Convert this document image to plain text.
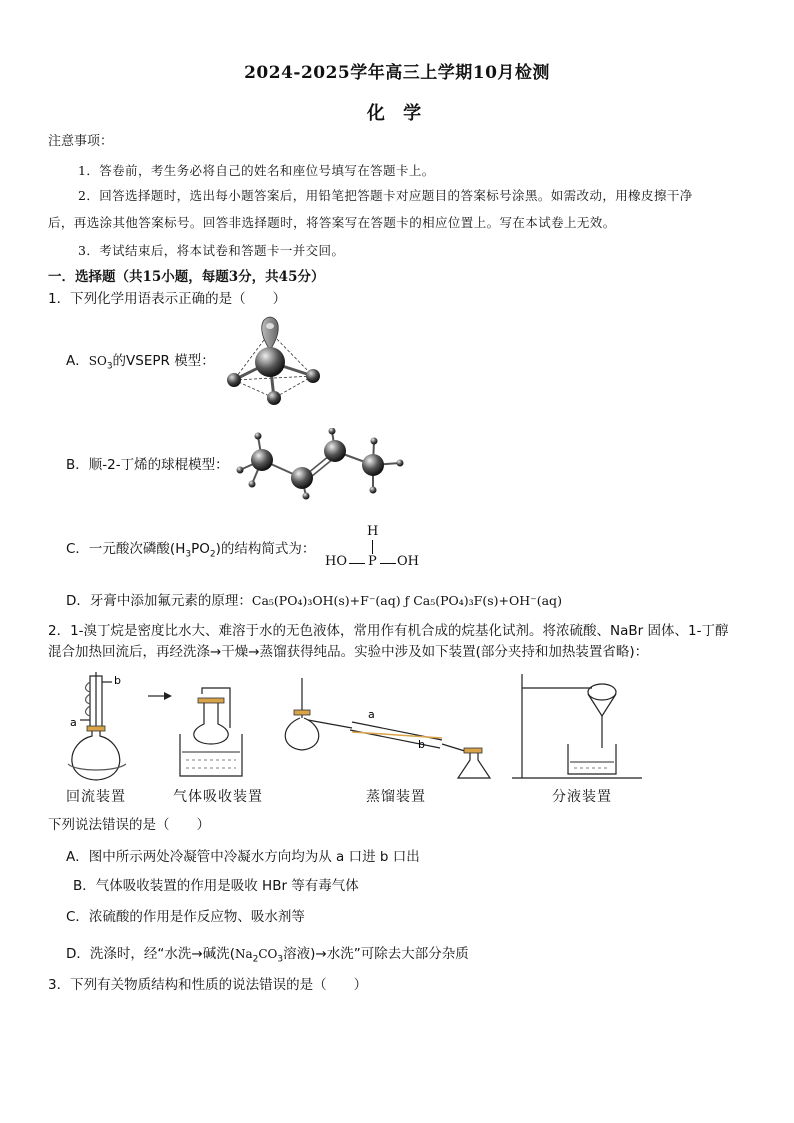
2024-2025学年高三上学期10月检测
化 学
注意事项：
1．答卷前，考生务必将自己的姓名和座位号填写在答题卡上。
2．回答选择题时，选出每小题答案后，用铅笔把答题卡对应题目的答案标号涂黑。如需改动，用橡皮擦干净
后，再选涂其他答案标号。回答非选择题时，将答案写在答题卡的相应位置上。写在本试卷上无效。
3．考试结束后，将本试卷和答题卡一并交回。
一．选择题（共15小题，每题3分，共45分）
1．下列化学用语表示正确的是（　　）
A．$SO_3$的VSEPR 模型：
B．顺-2-丁烯的球棍模型：
C．一元酸次磷酸$(H_3PO_2)$的结构简式为：
H
HO P OH
D．牙膏中添加氟元素的原理：Ca₅(PO₄)₃OH(s)+F⁻(aq) ƒ Ca₅(PO₄)₃F(s)+OH⁻(aq)
2．1-溴丁烷是密度比水大、难溶于水的无色液体，常用作有机合成的烷基化试剂。将浓硫酸、NaBr 固体、1-丁醇
混合加热回流后，再经洗涤→干燥→蒸馏获得纯品。实验中涉及如下装置(部分夹持和加热装置省略)：
b
a
a
b
回流装置	气体吸收装置	蒸馏装置	分液装置
下列说法错误的是（　　）
A．图中所示两处冷凝管中冷凝水方向均为从 a 口进 b 口出
B．气体吸收装置的作用是吸收 HBr 等有毒气体
C．浓硫酸的作用是作反应物、吸水剂等
D．洗涤时，经“水洗→碱洗($Na_2CO_3$溶液)→水洗”可除去大部分杂质
3．下列有关物质结构和性质的说法错误的是（　　）
